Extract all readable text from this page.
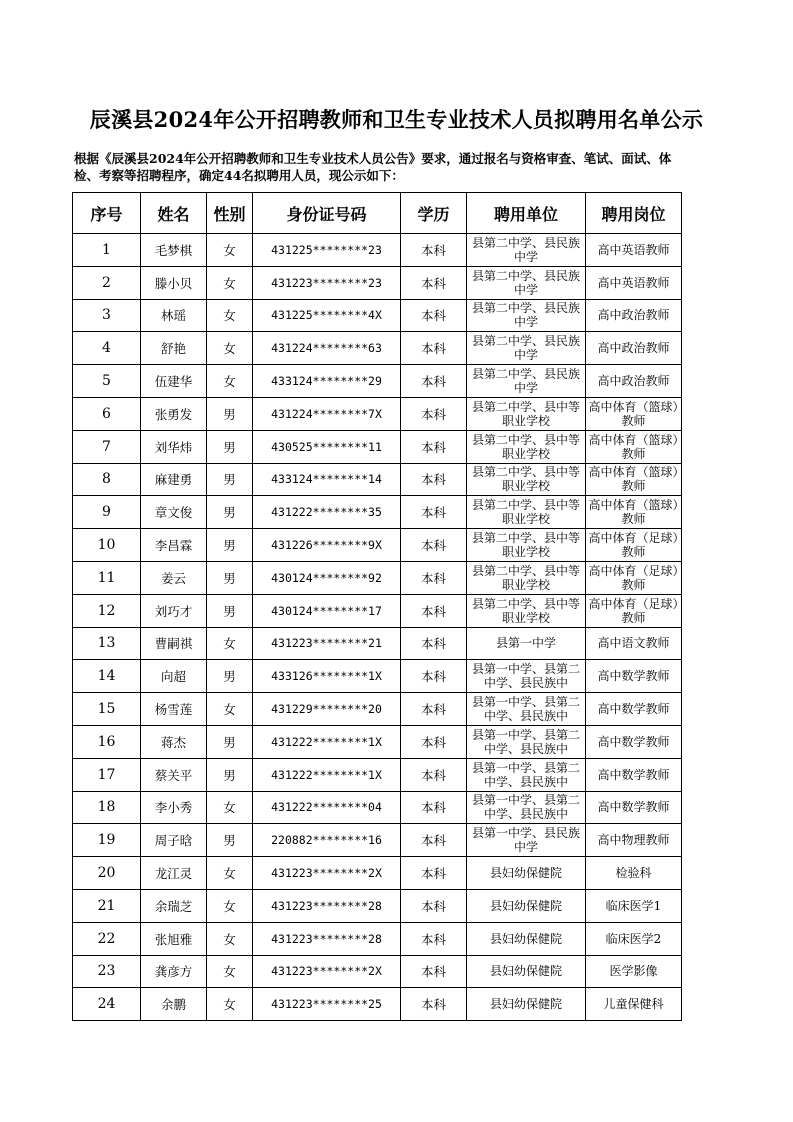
辰溪县2024年公开招聘教师和卫生专业技术人员拟聘用名单公示
根据《辰溪县2024年公开招聘教师和卫生专业技术人员公告》要求，通过报名与资格审查、笔试、面试、体检、考察等招聘程序，确定44名拟聘用人员，现公示如下：
序号	姓名	性别	身份证号码	学历	聘用单位	聘用岗位
1	毛梦棋	女	431225********23	本科	县第二中学、县民族中学	高中英语教师
2	滕小贝	女	431223********23	本科	县第二中学、县民族中学	高中英语教师
3	林瑶	女	431225********4X	本科	县第二中学、县民族中学	高中政治教师
4	舒艳	女	431224********63	本科	县第二中学、县民族中学	高中政治教师
5	伍建华	女	433124********29	本科	县第二中学、县民族中学	高中政治教师
6	张勇发	男	431224********7X	本科	县第二中学、县中等职业学校	高中体育（篮球）教师
7	刘华炜	男	430525********11	本科	县第二中学、县中等职业学校	高中体育（篮球）教师
8	麻建勇	男	433124********14	本科	县第二中学、县中等职业学校	高中体育（篮球）教师
9	章文俊	男	431222********35	本科	县第二中学、县中等职业学校	高中体育（篮球）教师
10	李昌霖	男	431226********9X	本科	县第二中学、县中等职业学校	高中体育（足球）教师
11	姜云	男	430124********92	本科	县第二中学、县中等职业学校	高中体育（足球）教师
12	刘巧才	男	430124********17	本科	县第二中学、县中等职业学校	高中体育（足球）教师
13	曹嗣祺	女	431223********21	本科	县第一中学	高中语文教师
14	向超	男	433126********1X	本科	县第一中学、县第二中学、县民族中	高中数学教师
15	杨雪莲	女	431229********20	本科	县第一中学、县第二中学、县民族中	高中数学教师
16	蒋杰	男	431222********1X	本科	县第一中学、县第二中学、县民族中	高中数学教师
17	蔡关平	男	431222********1X	本科	县第一中学、县第二中学、县民族中	高中数学教师
18	李小秀	女	431222********04	本科	县第一中学、县第二中学、县民族中	高中数学教师
19	周子晗	男	220882********16	本科	县第一中学、县民族中学	高中物理教师
20	龙江灵	女	431223********2X	本科	县妇幼保健院	检验科
21	余瑞芝	女	431223********28	本科	县妇幼保健院	临床医学1
22	张旭雅	女	431223********28	本科	县妇幼保健院	临床医学2
23	龚彦方	女	431223********2X	本科	县妇幼保健院	医学影像
24	余鹏	女	431223********25	本科	县妇幼保健院	儿童保健科
